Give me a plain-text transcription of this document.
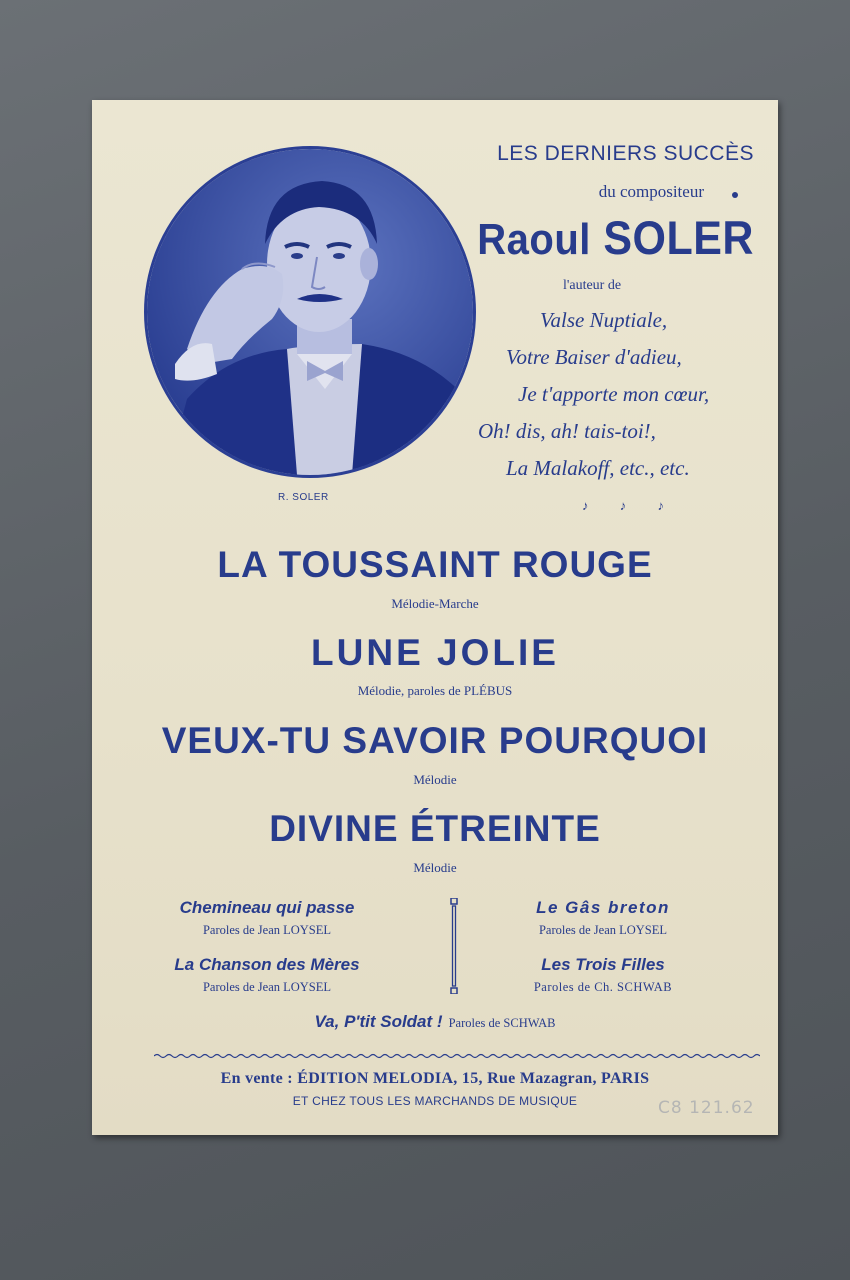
R. SOLER
LES DERNIERS SUCCÈS
du compositeur
Raoul SOLER
l'auteur de
Valse Nuptiale,
Votre Baiser d'adieu,
Je t'apporte mon cœur,
Oh! dis, ah! tais-toi!,
La Malakoff, etc., etc.
♪ ♪ ♪
LA TOUSSAINT ROUGE
Mélodie-Marche
LUNE JOLIE
Mélodie, paroles de PLÉBUS
VEUX-TU SAVOIR POURQUOI
Mélodie
DIVINE ÉTREINTE
Mélodie
Chemineau qui passe
Paroles de Jean LOYSEL
La Chanson des Mères
Paroles de Jean LOYSEL
Le Gâs breton
Paroles de Jean LOYSEL
Les Trois Filles
Paroles de Ch. SCHWAB
Va, P'tit Soldat ! Paroles de SCHWAB
En vente : ÉDITION MELODIA, 15, Rue Mazagran, PARIS
ET CHEZ TOUS LES MARCHANDS DE MUSIQUE	C8 121.62
